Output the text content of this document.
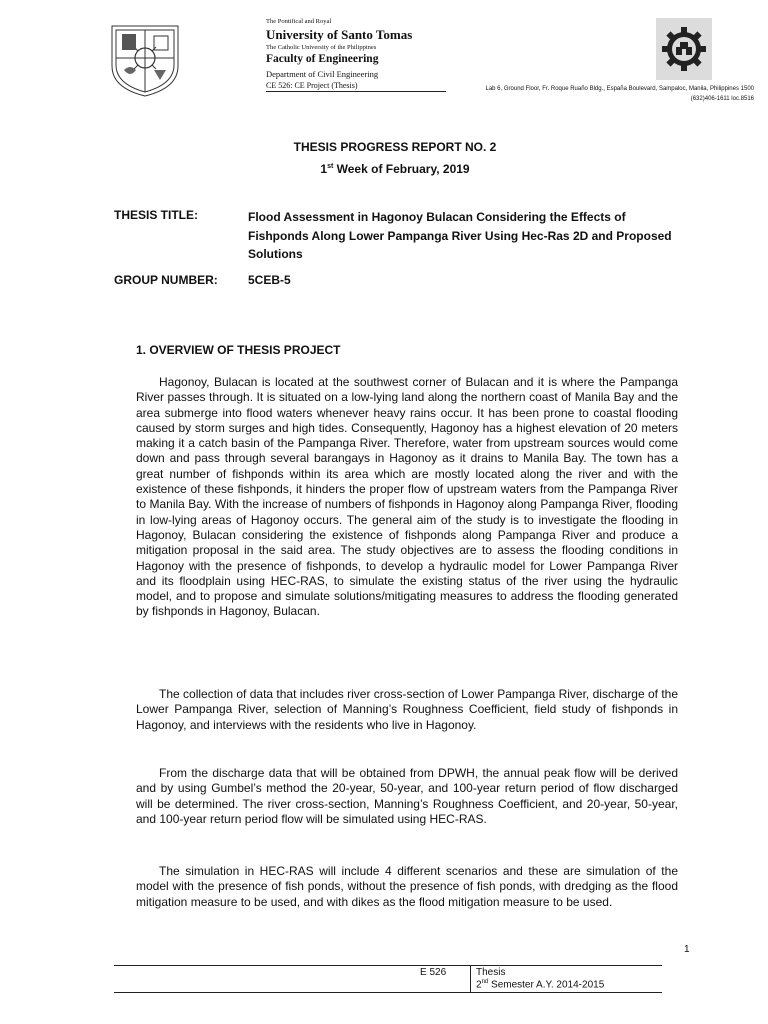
The Pontifical and Royal
University of Santo Tomas
The Catholic University of the Philippines
Faculty of Engineering
Department of Civil Engineering
CE 526: CE Project (Thesis)	Lab 6, Ground Floor, Fr. Roque Ruaño Bldg., España Boulevard, Sampaloc, Manila, Philippines 1500
(632)406-1611 loc.8516
THESIS PROGRESS REPORT NO. 2
1st Week of February, 2019
THESIS TITLE:	Flood Assessment in Hagonoy Bulacan Considering the Effects of Fishponds Along Lower Pampanga River Using Hec-Ras 2D and Proposed Solutions
GROUP NUMBER:	5CEB-5
1. OVERVIEW OF THESIS PROJECT

Hagonoy, Bulacan is located at the southwest corner of Bulacan and it is where the Pampanga River passes through. It is situated on a low-lying land along the northern coast of Manila Bay and the area submerge into flood waters whenever heavy rains occur. It has been prone to coastal flooding caused by storm surges and high tides. Consequently, Hagonoy has a highest elevation of 20 meters making it a catch basin of the Pampanga River. Therefore, water from upstream sources would come down and pass through several barangays in Hagonoy as it drains to Manila Bay. The town has a great number of fishponds within its area which are mostly located along the river and with the existence of these fishponds, it hinders the proper flow of upstream waters from the Pampanga River to Manila Bay. With the increase of numbers of fishponds in Hagonoy along Pampanga River, flooding in low-lying areas of Hagonoy occurs. The general aim of the study is to investigate the flooding in Hagonoy, Bulacan considering the existence of fishponds along Pampanga River and produce a mitigation proposal in the said area. The study objectives are to assess the flooding conditions in Hagonoy with the presence of fishponds, to develop a hydraulic model for Lower Pampanga River and its floodplain using HEC-RAS, to simulate the existing status of the river using the hydraulic model, and to propose and simulate solutions/mitigating measures to address the flooding generated by fishponds in Hagonoy, Bulacan.

The collection of data that includes river cross-section of Lower Pampanga River, discharge of the Lower Pampanga River, selection of Manning’s Roughness Coefficient, field study of fishponds in Hagonoy, and interviews with the residents who live in Hagonoy.

From the discharge data that will be obtained from DPWH, the annual peak flow will be derived and by using Gumbel’s method the 20-year, 50-year, and 100-year return period of flow discharged will be determined. The river cross-section, Manning’s Roughness Coefficient, and 20-year, 50-year, and 100-year return period flow will be simulated using HEC-RAS.

The simulation in HEC-RAS will include 4 different scenarios and these are simulation of the model with the presence of fish ponds, without the presence of fish ponds, with dredging as the flood mitigation measure to be used, and with dikes as the flood mitigation measure to be used.

1
E 526	Thesis
2nd Semester A.Y. 2014-2015
